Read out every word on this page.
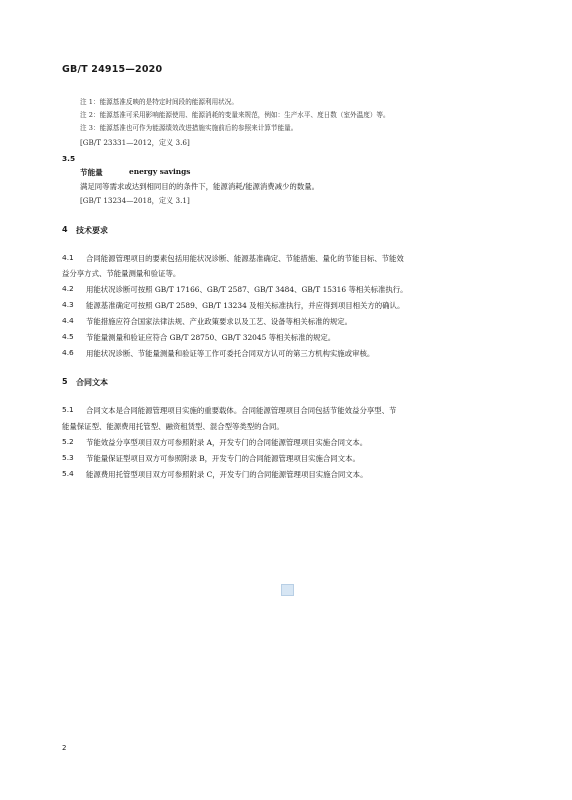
GB/T 24915—2020
注 1：能源基准反映的是特定时间段的能源利用状况。
注 2：能源基准可采用影响能源使用、能源消耗的变量来规范，例如：生产水平、度日数（室外温度）等。
注 3：能源基准也可作为能源绩效改进措施实施前后的参照来计算节能量。
[GB/T 23331—2012，定义 3.6]
3.5
节能量	energy savings
满足同等需求或达到相同目的的条件下，能源消耗/能源消费减少的数量。
[GB/T 13234—2018，定义 3.1]
4 技术要求
4.1 合同能源管理项目的要素包括用能状况诊断、能源基准确定、节能措施、量化的节能目标、节能效
益分享方式、节能量测量和验证等。
4.2 用能状况诊断可按照 GB/T 17166、GB/T 2587、GB/T 3484、GB/T 15316 等相关标准执行。
4.3 能源基准确定可按照 GB/T 2589、GB/T 13234 及相关标准执行，并应得到项目相关方的确认。
4.4 节能措施应符合国家法律法规、产业政策要求以及工艺、设备等相关标准的规定。
4.5 节能量测量和验证应符合 GB/T 28750、GB/T 32045 等相关标准的规定。
4.6 用能状况诊断、节能量测量和验证等工作可委托合同双方认可的第三方机构实施或审核。
5 合同文本
5.1 合同文本是合同能源管理项目实施的重要载体。合同能源管理项目合同包括节能效益分享型、节
能量保证型、能源费用托管型、融资租赁型、混合型等类型的合同。
5.2 节能效益分享型项目双方可参照附录 A，开发专门的合同能源管理项目实施合同文本。
5.3 节能量保证型项目双方可参照附录 B，开发专门的合同能源管理项目实施合同文本。
5.4 能源费用托管型项目双方可参照附录 C，开发专门的合同能源管理项目实施合同文本。
2
